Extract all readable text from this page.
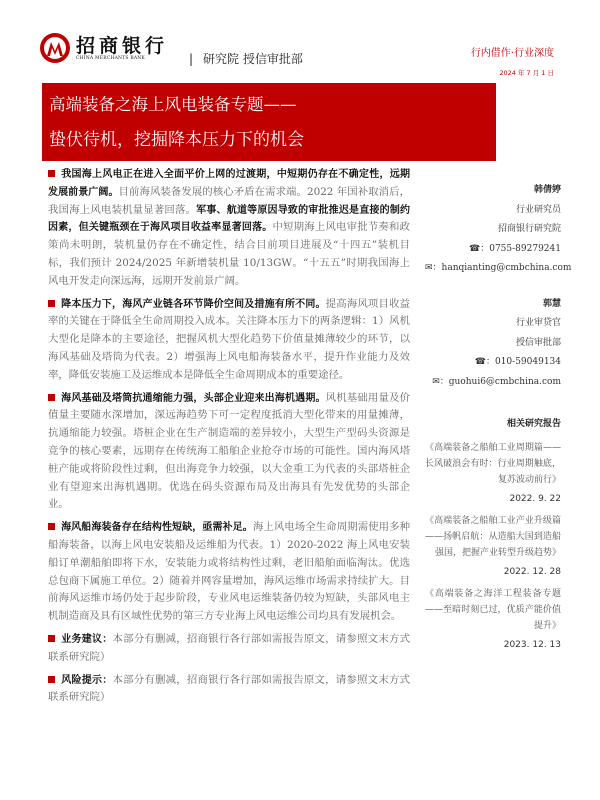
招商银行
CHINA MERCHANTS BANK	| 研究院 授信审批部	行内借作·行业深度
2024 年 7 月 1 日
高端装备之海上风电装备专题——
蛰伏待机，挖掘降本压力下的机会
我国海上风电正在进入全面平价上网的过渡期，中短期仍存在不确定性，远期发展前景广阔。目前海风装备发展的核心矛盾在需求端。2022 年国补取消后，我国海上风电装机量显著回落。军事、航道等原因导致的审批推迟是直接的制约因素，但关键瓶颈在于海风项目收益率显著回落。中短期海上风电审批节奏和政策尚未明朗，装机量仍存在不确定性，结合目前项目进展及“十四五”装机目标，我们预计 2024/2025 年新增装机量 10/13GW。“十五五”时期我国海上风电开发走向深远海，远期开发前景广阔。
降本压力下，海风产业链各环节降价空间及措施有所不同。提高海风项目收益率的关键在于降低全生命周期投入成本。关注降本压力下的两条逻辑：1）风机大型化是降本的主要途径，把握风机大型化趋势下价值量摊薄较少的环节，以海风基础及塔筒为代表。2）增强海上风电船海装备水平，提升作业能力及效率，降低安装施工及运维成本是降低全生命周期成本的重要途径。
海风基础及塔筒抗通缩能力强，头部企业迎来出海机遇期。风机基础用量及价值量主要随水深增加，深远海趋势下可一定程度抵消大型化带来的用量摊薄，抗通缩能力较强。塔桩企业在生产制造端的差异较小，大型生产型码头资源是竞争的核心要素，远期存在传统海工船舶企业抢夺市场的可能性。国内海风塔桩产能或将阶段性过剩，但出海竞争力较强，以大金重工为代表的头部塔桩企业有望迎来出海机遇期。优选在码头资源布局及出海具有先发优势的头部企业。
海风船海装备存在结构性短缺，亟需补足。海上风电场全生命周期需使用多种船海装备，以海上风电安装船及运维船为代表。1）2020-2022 海上风电安装船订单潮船舶即将下水，安装能力或将结构性过剩，老旧船舶面临淘汰。优选总包商下属施工单位。2）随着并网容量增加，海风运维市场需求持续扩大。目前海风运维市场仍处于起步阶段，专业风电运维装备仍较为短缺，头部风电主机制造商及具有区域性优势的第三方专业海上风电运维公司均具有发展机会。
业务建议：本部分有删减，招商银行各行部如需报告原文，请参照文末方式联系研究院）
风险提示：本部分有删减，招商银行各行部如需报告原文，请参照文末方式联系研究院）
韩倩婷
行业研究员
招商银行研究院
☎：0755-89279241
✉：hanqianting@cmbchina.com
郭慧
行业审贷官
授信审批部
☎：010-59049134
✉：guohui6@cmbchina.com
相关研究报告
《高端装备之船舶工业周期篇——长风破浪会有时：行业周期触底，复苏波动前行》
2022. 9. 22
《高端装备之船舶工业产业升级篇——扬帆启航：从造船大国到造船强国，把握产业转型升级趋势》
2022. 12. 28
《高端装备之海洋工程装备专题——至暗时刻已过，优质产能价值提升》
2023. 12. 13
